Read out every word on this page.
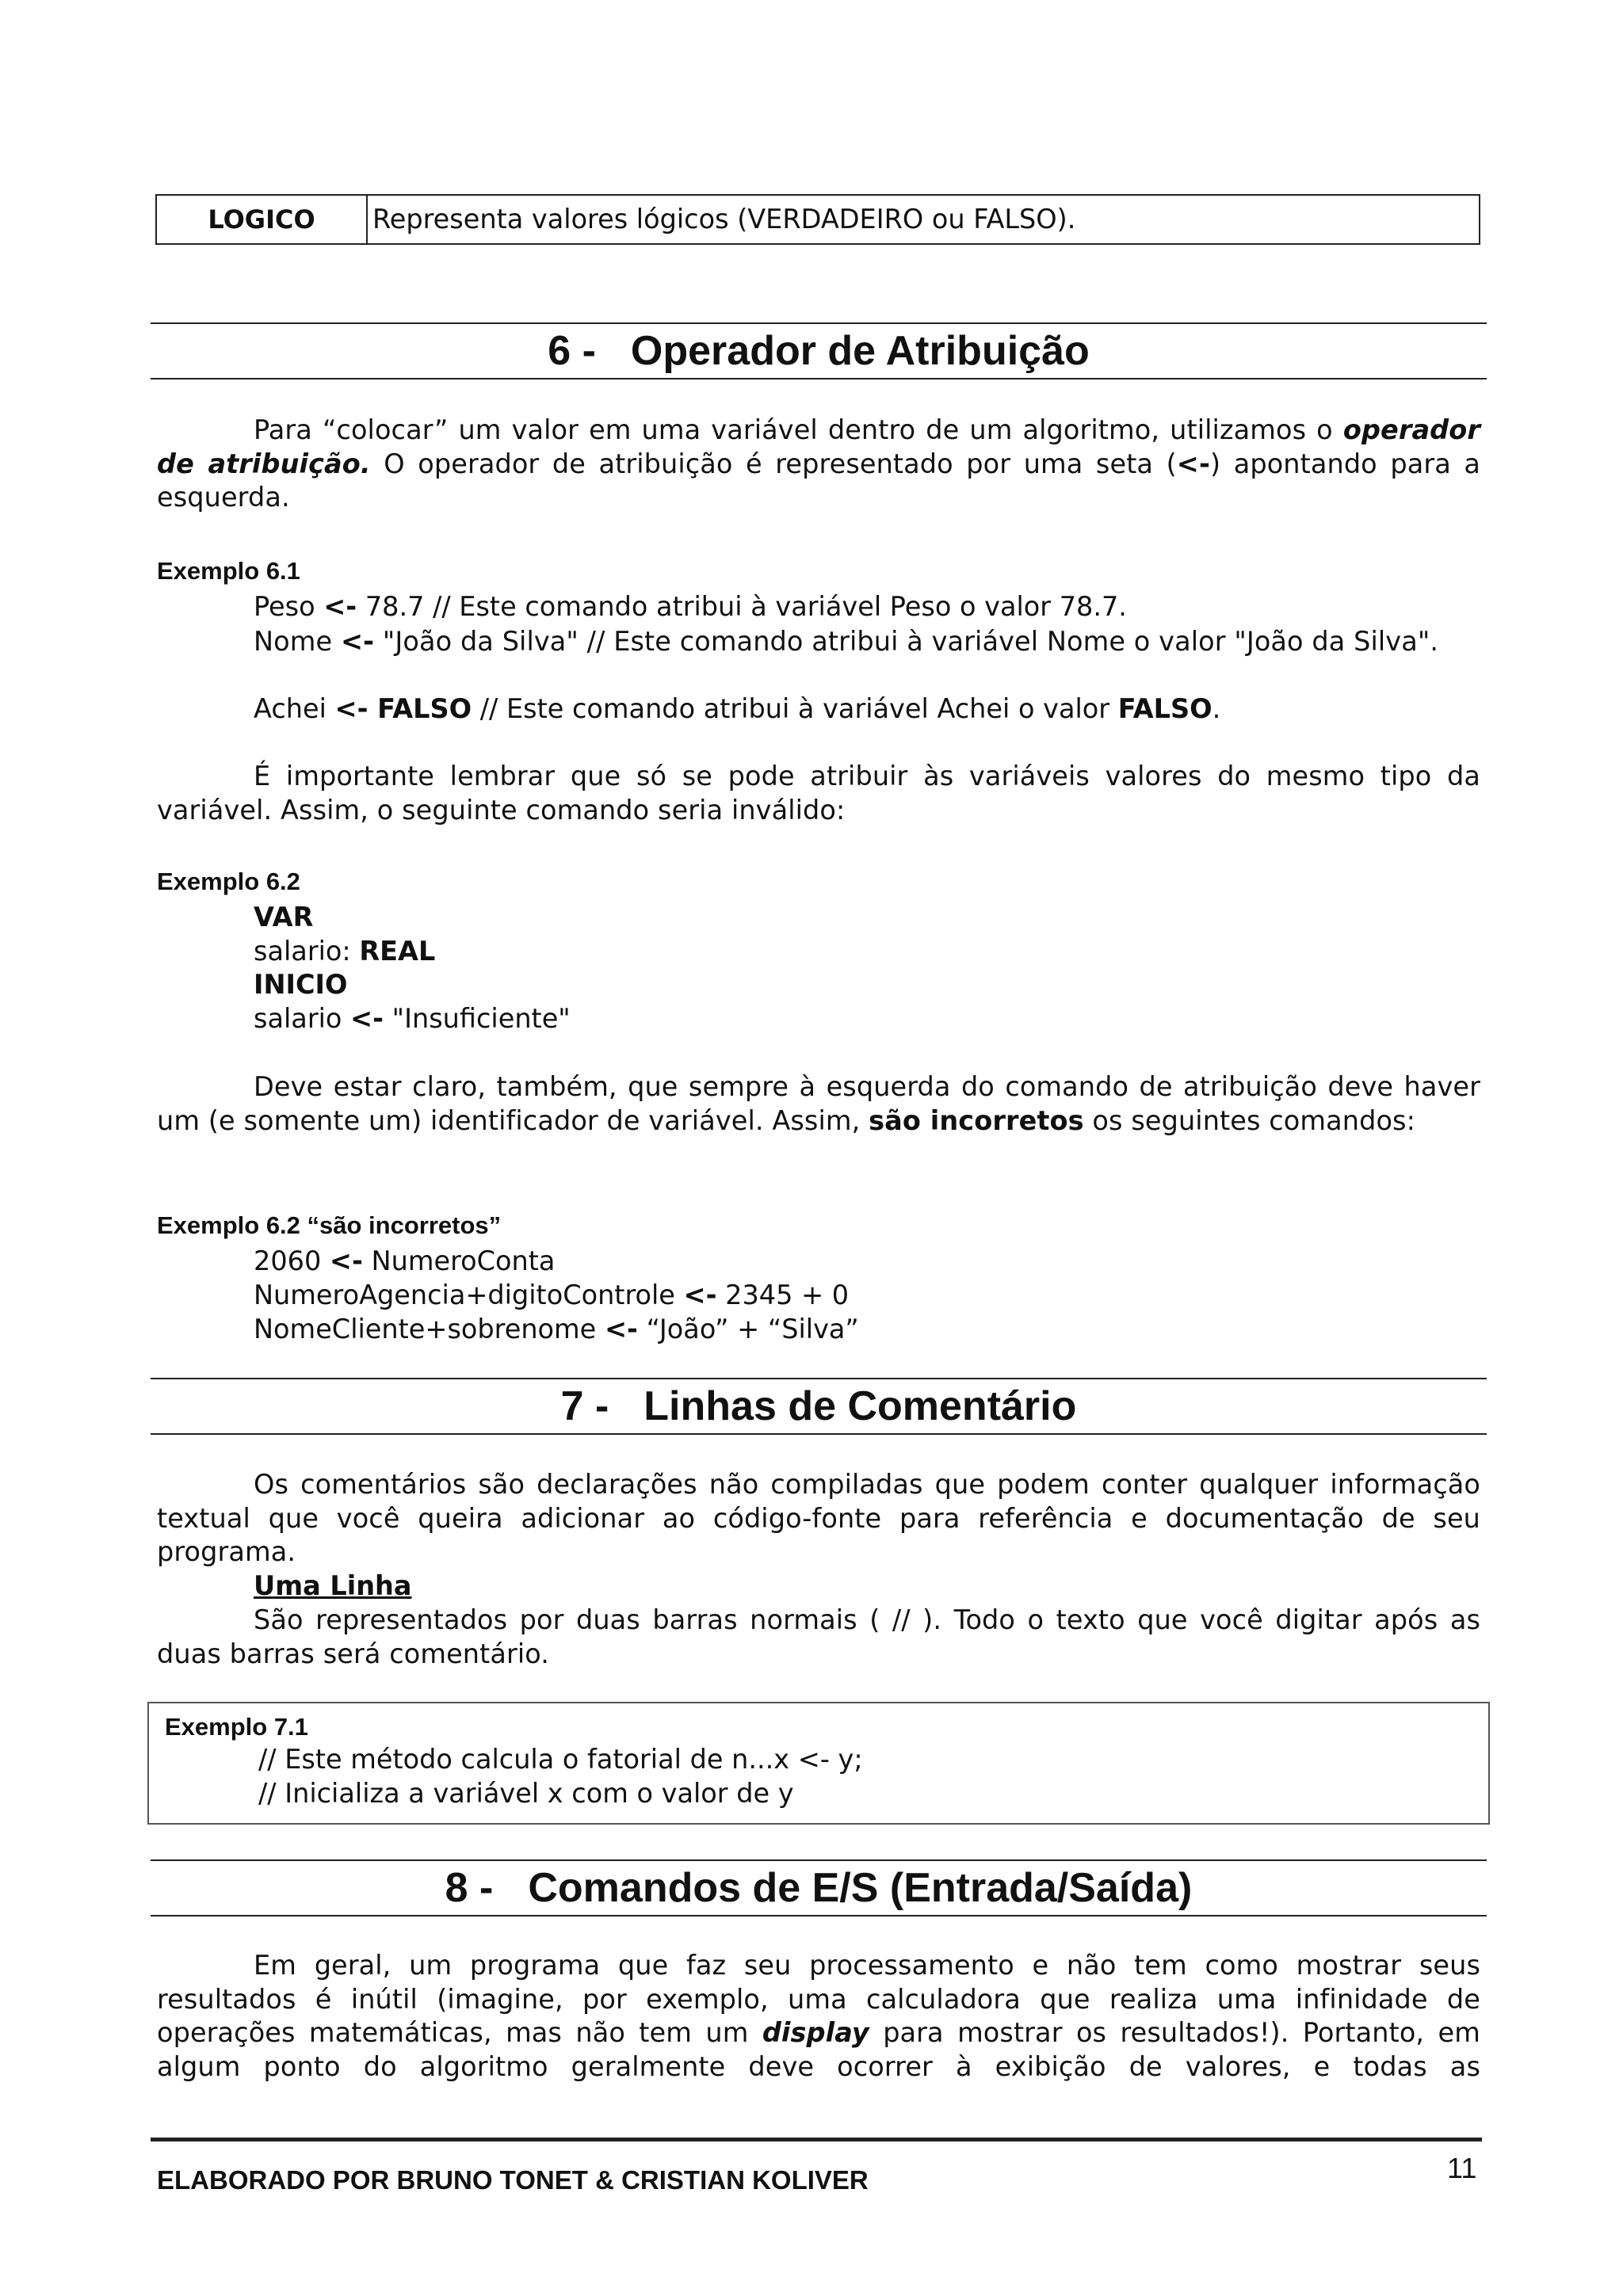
LOGICO	Representa valores lógicos (VERDADEIRO ou FALSO).
6 - Operador de Atribuição

Para “colocar” um valor em uma variável dentro de um algoritmo, utilizamos o operador de atribuição. O operador de atribuição é representado por uma seta (<-) apontando para a esquerda.

Exemplo 6.1

Peso <- 78.7 // Este comando atribui à variável Peso o valor 78.7.

Nome <- "João da Silva" // Este comando atribui à variável Nome o valor "João da Silva".

Achei <- FALSO // Este comando atribui à variável Achei o valor FALSO.

É importante lembrar que só se pode atribuir às variáveis valores do mesmo tipo da variável. Assim, o seguinte comando seria inválido:

Exemplo 6.2

VAR

salario: REAL

INICIO

salario <- "Insuficiente"

Deve estar claro, também, que sempre à esquerda do comando de atribuição deve haver um (e somente um) identificador de variável. Assim, são incorretos os seguintes comandos:

Exemplo 6.2 “são incorretos”

2060 <- NumeroConta

NumeroAgencia+digitoControle <- 2345 + 0

NomeCliente+sobrenome <- “João” + “Silva”

7 - Linhas de Comentário

Os comentários são declarações não compiladas que podem conter qualquer informação textual que você queira adicionar ao código-fonte para referência e documentação de seu programa.

Uma Linha

São representados por duas barras normais ( // ). Todo o texto que você digitar após as duas barras será comentário.

Exemplo 7.1

// Este método calcula o fatorial de n...x <- y;

// Inicializa a variável x com o valor de y

8 - Comandos de E/S (Entrada/Saída)

Em geral, um programa que faz seu processamento e não tem como mostrar seus resultados é inútil (imagine, por exemplo, uma calculadora que realiza uma infinidade de operações matemáticas, mas não tem um display para mostrar os resultados!). Portanto, em algum ponto do algoritmo geralmente deve ocorrer à exibição de valores, e todas as

ELABORADO POR BRUNO TONET & CRISTIAN KOLIVER	11
